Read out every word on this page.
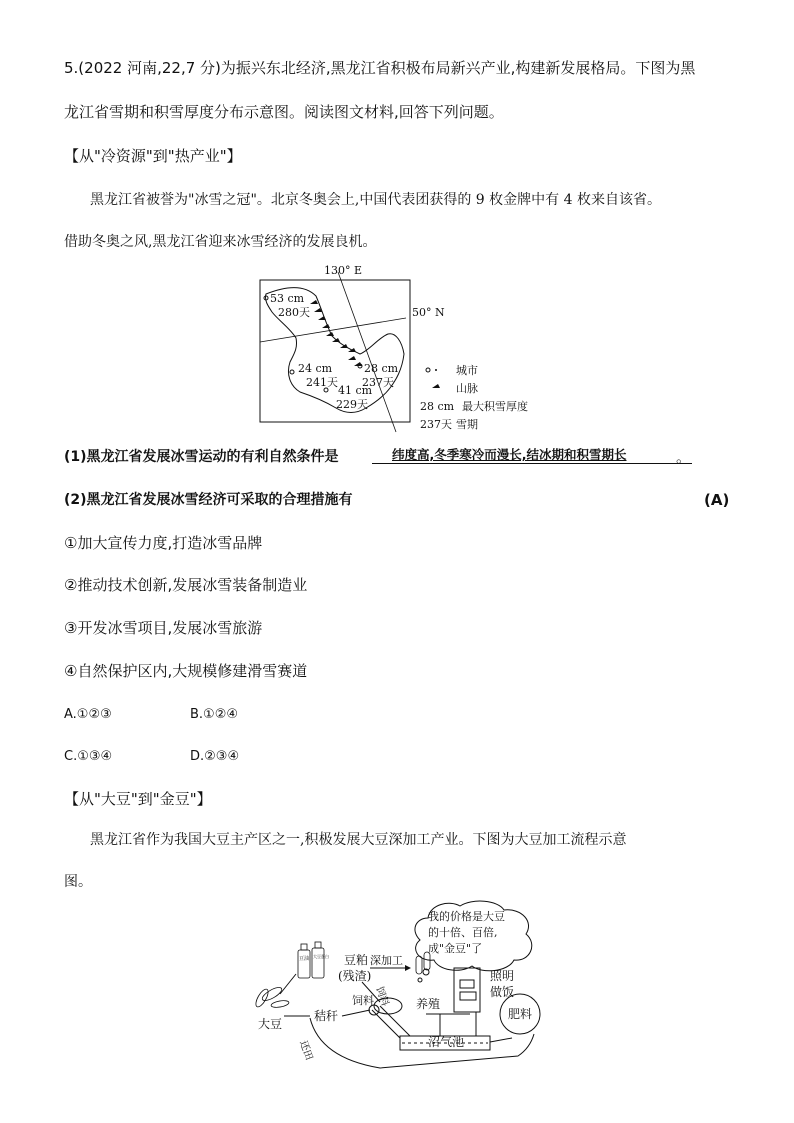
5.(2022 河南,22,7 分)为振兴东北经济,黑龙江省积极布局新兴产业,构建新发展格局。下图为黑
龙江省雪期和积雪厚度分布示意图。阅读图文材料,回答下列问题。
【从"冷资源"到"热产业"】
黑龙江省被誉为"冰雪之冠"。北京冬奥会上,中国代表团获得的 9 枚金牌中有 4 枚来自该省。
借助冬奥之风,黑龙江省迎来冰雪经济的发展良机。
130° E
50° N
53 cm
280天
24 cm
241天
28 cm
237天
41 cm
229天
城市
山脉
28 cm 最大积雪厚度
237天 雪期
(1)黑龙江省发展冰雪运动的有利自然条件是	纬度高,冬季寒冷而漫长,结冰期和积雪期长	。
(2)黑龙江省发展冰雪经济可采取的合理措施有	(A)
①加大宣传力度,打造冰雪品牌
②推动技术创新,发展冰雪装备制造业
③开发冰雪项目,发展冰雪旅游
④自然保护区内,大规模修建滑雪赛道
A.①②③	B.①②④
C.①③④	D.②③④
【从"大豆"到"金豆"】
黑龙江省作为我国大豆主产区之一,积极发展大豆深加工产业。下图为大豆加工流程示意
图。
我的价格是大豆
的十倍、百倍,
成"金豆"了
豆油 大豆蛋白 豆粕
(残渣)
深加工
饲料
照明
做饭
饲料	养殖
沼气池
肥料
大豆
秸秆
还田
